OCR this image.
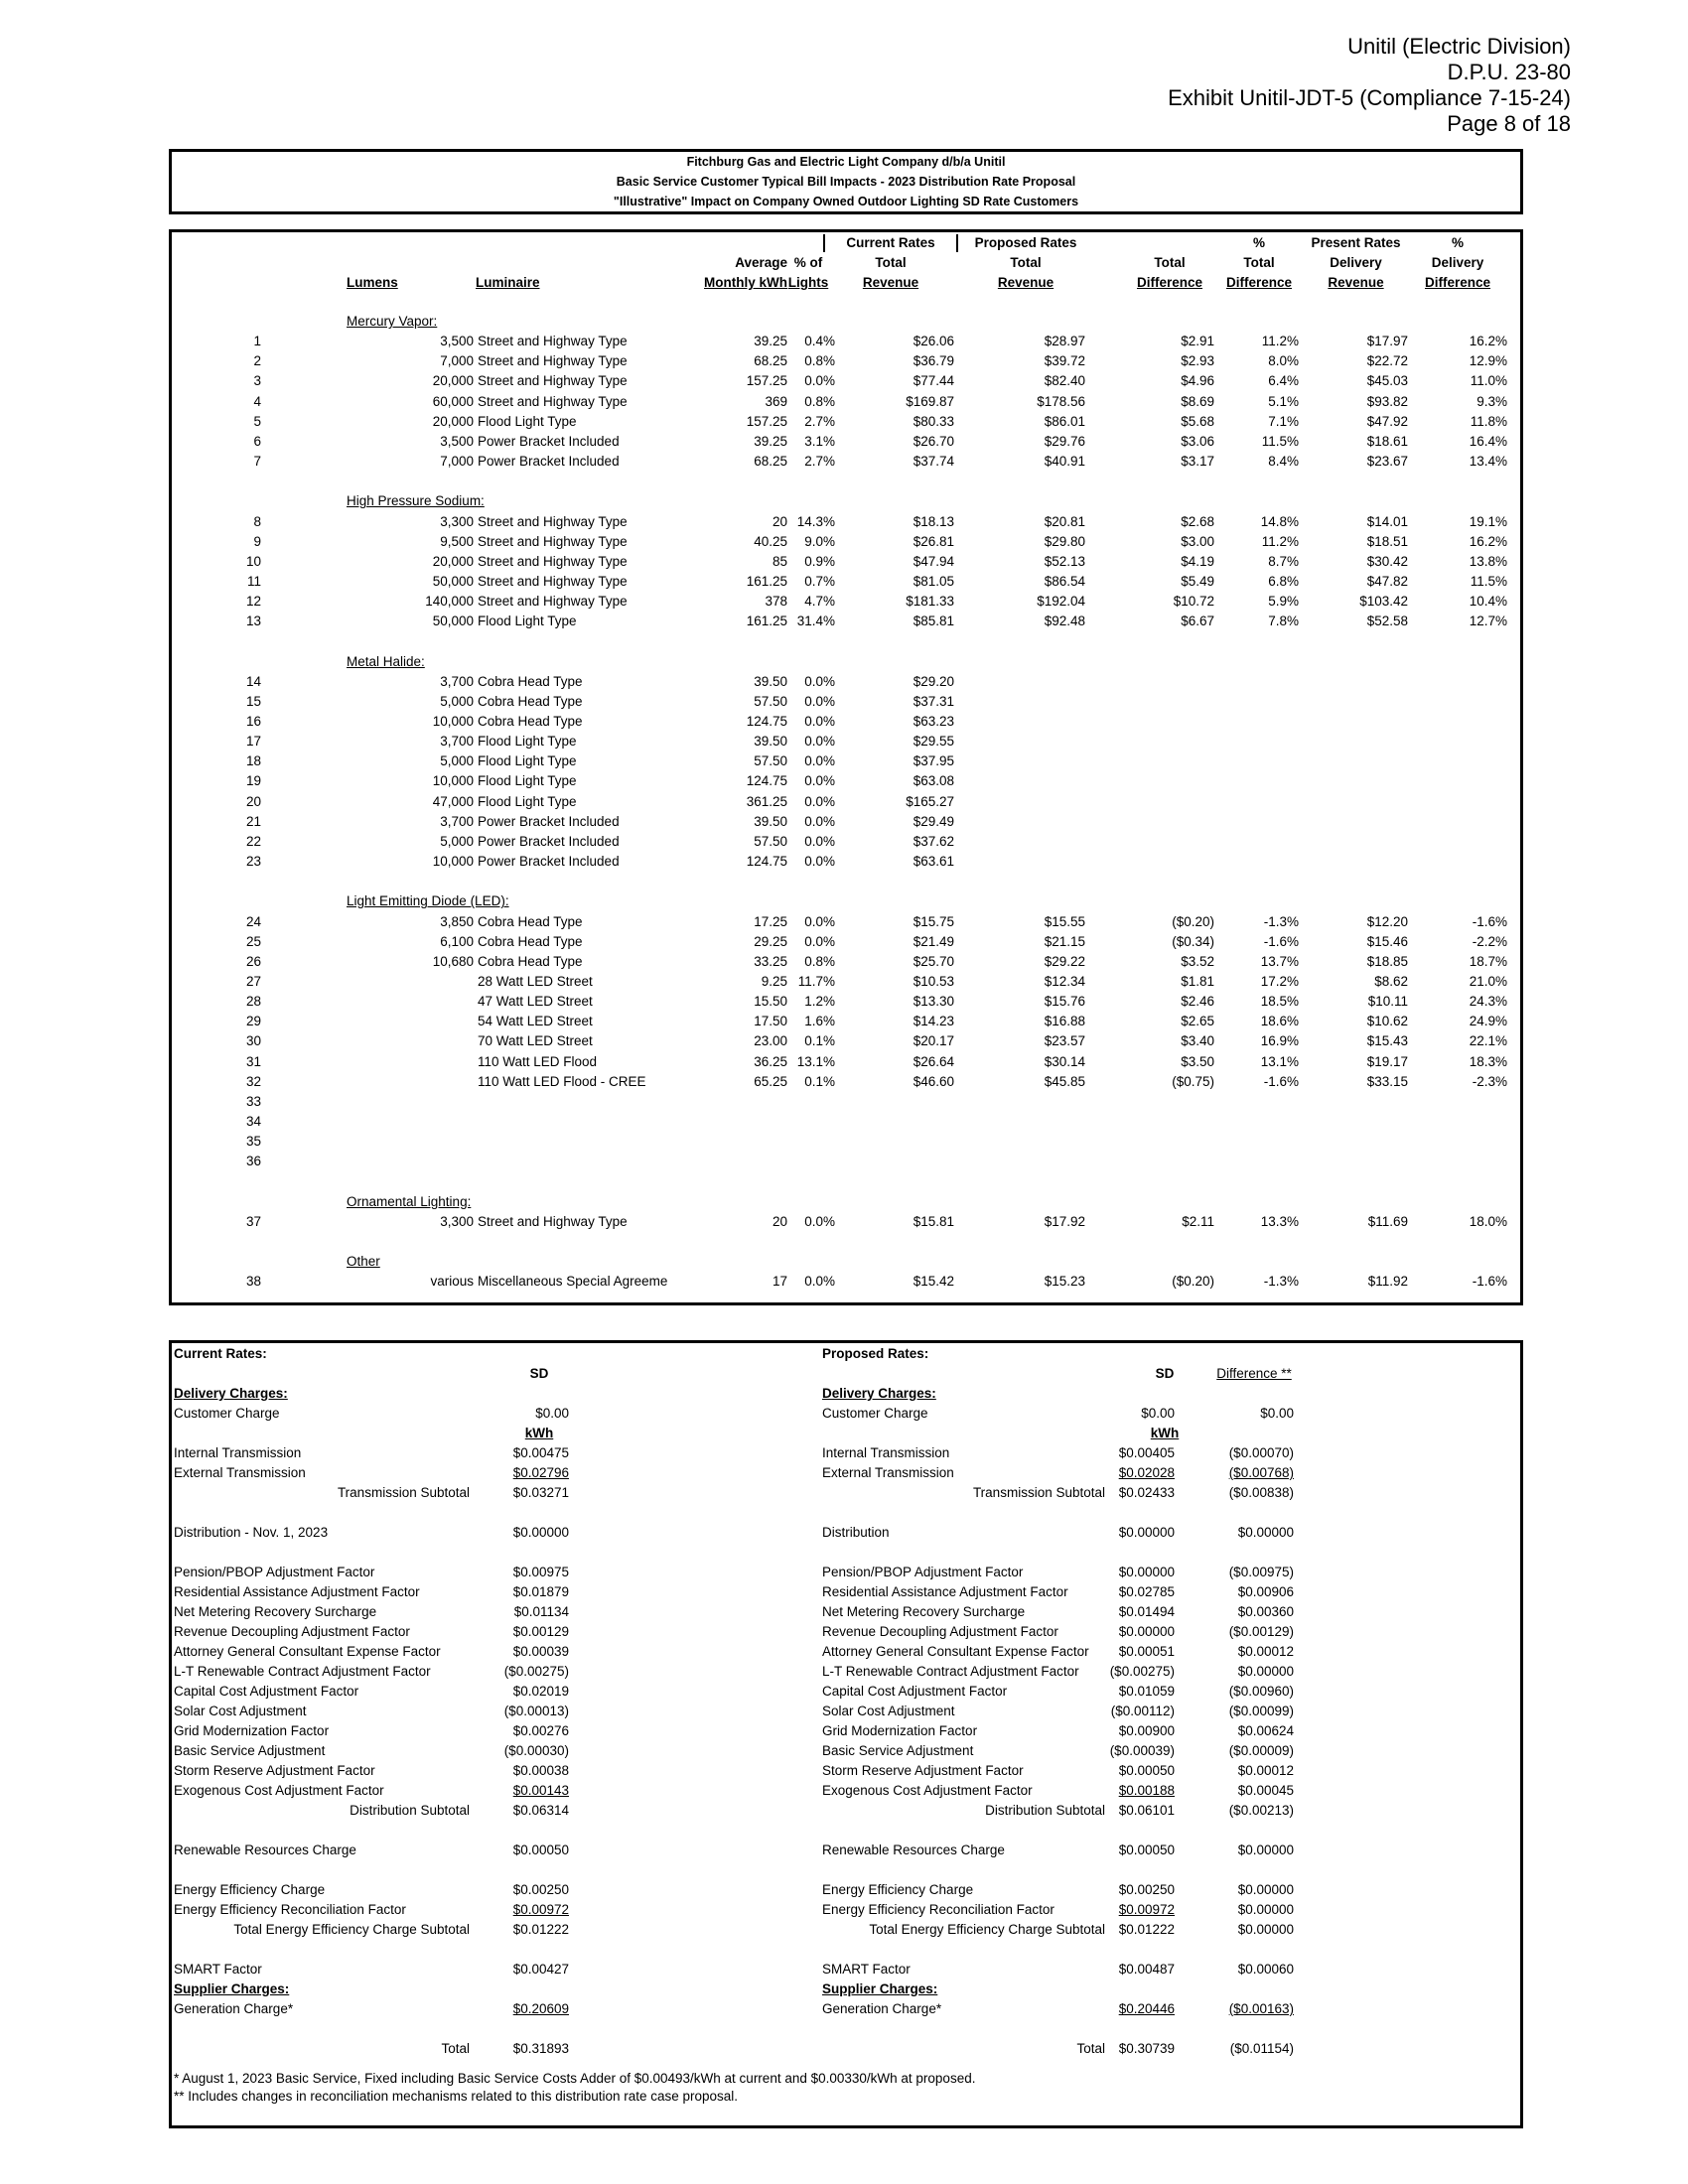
Unitil (Electric Division)
D.P.U. 23-80
Exhibit Unitil-JDT-5 (Compliance 7-15-24)
Page 8 of 18
Fitchburg Gas and Electric Light Company d/b/a Unitil
Basic Service Customer Typical Bill Impacts - 2023 Distribution Rate Proposal
"Illustrative" Impact on Company Owned Outdoor Lighting SD Rate Customers
Current Rates	Proposed Rates	%	Present Rates	%
Average % of	Total	Total	Total	Total	Delivery	Delivery
Lumens	Luminaire	Monthly kWh Lights	Revenue	Revenue	Difference	Difference	Revenue	Difference
Mercury Vapor:
1	3,500 Street and Highway Type	39.25	0.4%	$26.06	$28.97	$2.91	11.2%	$17.97	16.2%
2	7,000 Street and Highway Type	68.25	0.8%	$36.79	$39.72	$2.93	8.0%	$22.72	12.9%
3	20,000 Street and Highway Type	157.25	0.0%	$77.44	$82.40	$4.96	6.4%	$45.03	11.0%
4	60,000 Street and Highway Type	369	0.8%	$169.87	$178.56	$8.69	5.1%	$93.82	9.3%
5	20,000 Flood Light Type	157.25	2.7%	$80.33	$86.01	$5.68	7.1%	$47.92	11.8%
6	3,500 Power Bracket Included	39.25	3.1%	$26.70	$29.76	$3.06	11.5%	$18.61	16.4%
7	7,000 Power Bracket Included	68.25	2.7%	$37.74	$40.91	$3.17	8.4%	$23.67	13.4%
High Pressure Sodium:
8	3,300 Street and Highway Type	20 14.3%	$18.13	$20.81	$2.68	14.8%	$14.01	19.1%
9	9,500 Street and Highway Type	40.25	9.0%	$26.81	$29.80	$3.00	11.2%	$18.51	16.2%
10	20,000 Street and Highway Type	85	0.9%	$47.94	$52.13	$4.19	8.7%	$30.42	13.8%
11	50,000 Street and Highway Type	161.25	0.7%	$81.05	$86.54	$5.49	6.8%	$47.82	11.5%
12	140,000 Street and Highway Type	378	4.7%	$181.33	$192.04	$10.72	5.9%	$103.42	10.4%
13	50,000 Flood Light Type	161.25 31.4%	$85.81	$92.48	$6.67	7.8%	$52.58	12.7%
Metal Halide:
14	3,700 Cobra Head Type	39.50	0.0%	$29.20
15	5,000 Cobra Head Type	57.50	0.0%	$37.31
16	10,000 Cobra Head Type	124.75	0.0%	$63.23
17	3,700 Flood Light Type	39.50	0.0%	$29.55
18	5,000 Flood Light Type	57.50	0.0%	$37.95
19	10,000 Flood Light Type	124.75	0.0%	$63.08
20	47,000 Flood Light Type	361.25	0.0%	$165.27
21	3,700 Power Bracket Included	39.50	0.0%	$29.49
22	5,000 Power Bracket Included	57.50	0.0%	$37.62
23	10,000 Power Bracket Included	124.75	0.0%	$63.61
Light Emitting Diode (LED):
24	3,850 Cobra Head Type	17.25	0.0%	$15.75	$15.55	($0.20)	-1.3%	$12.20	-1.6%
25	6,100 Cobra Head Type	29.25	0.0%	$21.49	$21.15	($0.34)	-1.6%	$15.46	-2.2%
26	10,680 Cobra Head Type	33.25	0.8%	$25.70	$29.22	$3.52	13.7%	$18.85	18.7%
27	28 Watt LED Street	9.25 11.7%	$10.53	$12.34	$1.81	17.2%	$8.62	21.0%
28	47 Watt LED Street	15.50	1.2%	$13.30	$15.76	$2.46	18.5%	$10.11	24.3%
29	54 Watt LED Street	17.50	1.6%	$14.23	$16.88	$2.65	18.6%	$10.62	24.9%
30	70 Watt LED Street	23.00	0.1%	$20.17	$23.57	$3.40	16.9%	$15.43	22.1%
31	110 Watt LED Flood	36.25 13.1%	$26.64	$30.14	$3.50	13.1%	$19.17	18.3%
32	110 Watt LED Flood - CREE	65.25	0.1%	$46.60	$45.85	($0.75)	-1.6%	$33.15	-2.3%
33
34
35
36
Ornamental Lighting:
37	3,300 Street and Highway Type	20	0.0%	$15.81	$17.92	$2.11	13.3%	$11.69	18.0%
Other
38	various Miscellaneous Special Agreeme	17	0.0%	$15.42	$15.23	($0.20)	-1.3%	$11.92	-1.6%
Current Rates:	Proposed Rates:
SD	SD	Difference **
Delivery Charges:	Delivery Charges:
kWh	kWh
Supplier Charges:	Supplier Charges:
Customer Charge	$0.00
Internal Transmission	$0.00475
External Transmission	$0.02796
Transmission Subtotal	$0.03271
Distribution - Nov. 1, 2023	$0.00000
Pension/PBOP Adjustment Factor	$0.00975
Residential Assistance Adjustment Factor	$0.01879
Net Metering Recovery Surcharge	$0.01134
Revenue Decoupling Adjustment Factor	$0.00129
Attorney General Consultant Expense Factor	$0.00039
L-T Renewable Contract Adjustment Factor	($0.00275)
Capital Cost Adjustment Factor	$0.02019
Solar Cost Adjustment	($0.00013)
Grid Modernization Factor	$0.00276
Basic Service Adjustment	($0.00030)
Storm Reserve Adjustment Factor	$0.00038
Exogenous Cost Adjustment Factor	$0.00143
Distribution Subtotal	$0.06314
Renewable Resources Charge	$0.00050
Energy Efficiency Charge	$0.00250
Energy Efficiency Reconciliation Factor	$0.00972
Total Energy Efficiency Charge Subtotal	$0.01222
SMART Factor	$0.00427
Generation Charge*	$0.20609
Total	$0.31893
Customer Charge	$0.00	$0.00
Internal Transmission	$0.00405	($0.00070)
External Transmission	$0.02028	($0.00768)
Transmission Subtotal	$0.02433	($0.00838)
Distribution	$0.00000	$0.00000
Pension/PBOP Adjustment Factor	$0.00000	($0.00975)
Residential Assistance Adjustment Factor	$0.02785	$0.00906
Net Metering Recovery Surcharge	$0.01494	$0.00360
Revenue Decoupling Adjustment Factor	$0.00000	($0.00129)
Attorney General Consultant Expense Factor	$0.00051	$0.00012
L-T Renewable Contract Adjustment Factor	($0.00275)	$0.00000
Capital Cost Adjustment Factor	$0.01059	($0.00960)
Solar Cost Adjustment	($0.00112)	($0.00099)
Grid Modernization Factor	$0.00900	$0.00624
Basic Service Adjustment	($0.00039)	($0.00009)
Storm Reserve Adjustment Factor	$0.00050	$0.00012
Exogenous Cost Adjustment Factor	$0.00188	$0.00045
Distribution Subtotal	$0.06101	($0.00213)
Renewable Resources Charge	$0.00050	$0.00000
Energy Efficiency Charge	$0.00250	$0.00000
Energy Efficiency Reconciliation Factor	$0.00972	$0.00000
Total Energy Efficiency Charge Subtotal	$0.01222	$0.00000
SMART Factor	$0.00487	$0.00060
Generation Charge*	$0.20446	($0.00163)
Total	$0.30739	($0.01154)
* August 1, 2023 Basic Service, Fixed including Basic Service Costs Adder of $0.00493/kWh at current and $0.00330/kWh at proposed.
** Includes changes in reconciliation mechanisms related to this distribution rate case proposal.
